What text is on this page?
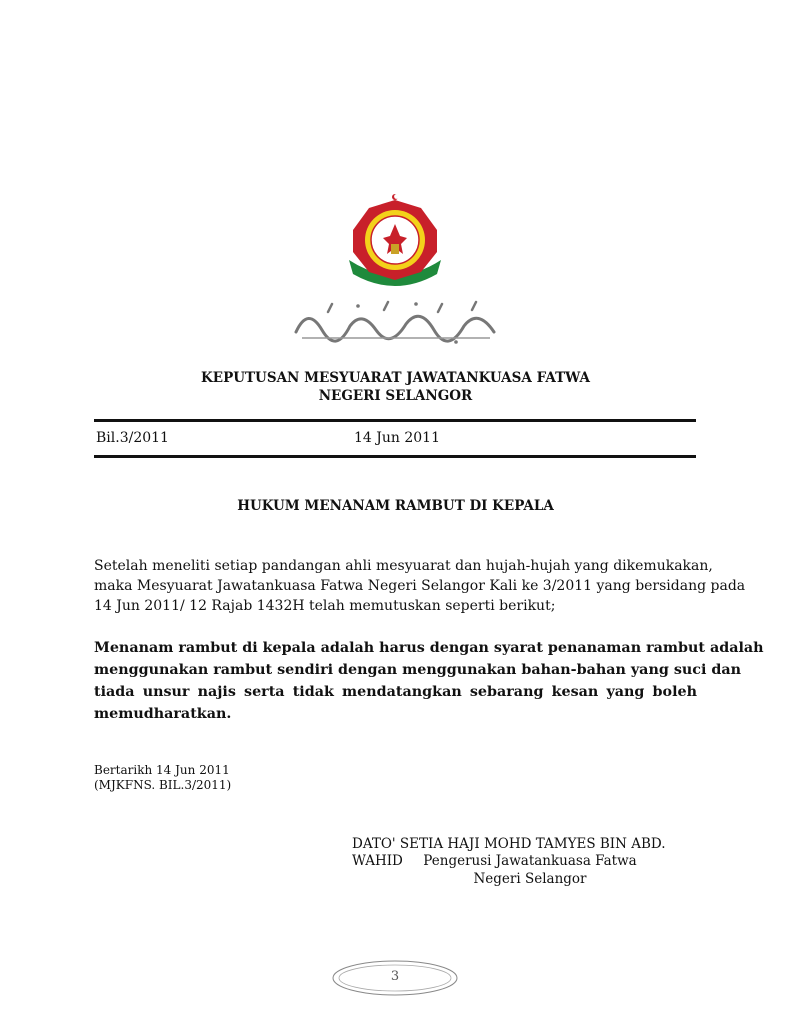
KEPUTUSAN MESYUARAT JAWATANKUASA FATWA
NEGERI SELANGOR
Bil.3/2011	14 Jun 2011
HUKUM MENANAM RAMBUT DI KEPALA
Setelah meneliti setiap pandangan ahli mesyuarat dan hujah-hujah yang dikemukakan,
maka Mesyuarat Jawatankuasa Fatwa Negeri Selangor Kali ke 3/2011 yang bersidang pada
14 Jun 2011/ 12 Rajab 1432H telah memutuskan seperti berikut;
Menanam rambut di kepala adalah harus dengan syarat penanaman rambut adalah
menggunakan rambut sendiri dengan menggunakan bahan-bahan yang suci dan
tiada unsur najis serta tidak mendatangkan sebarang kesan yang boleh
memudharatkan.
Bertarikh 14 Jun 2011
(MJKFNS. BIL.3/2011)
DATO' SETIA HAJI MOHD TAMYES BIN ABD. WAHID	Pengerusi Jawatankuasa Fatwa
Negeri Selangor
3
